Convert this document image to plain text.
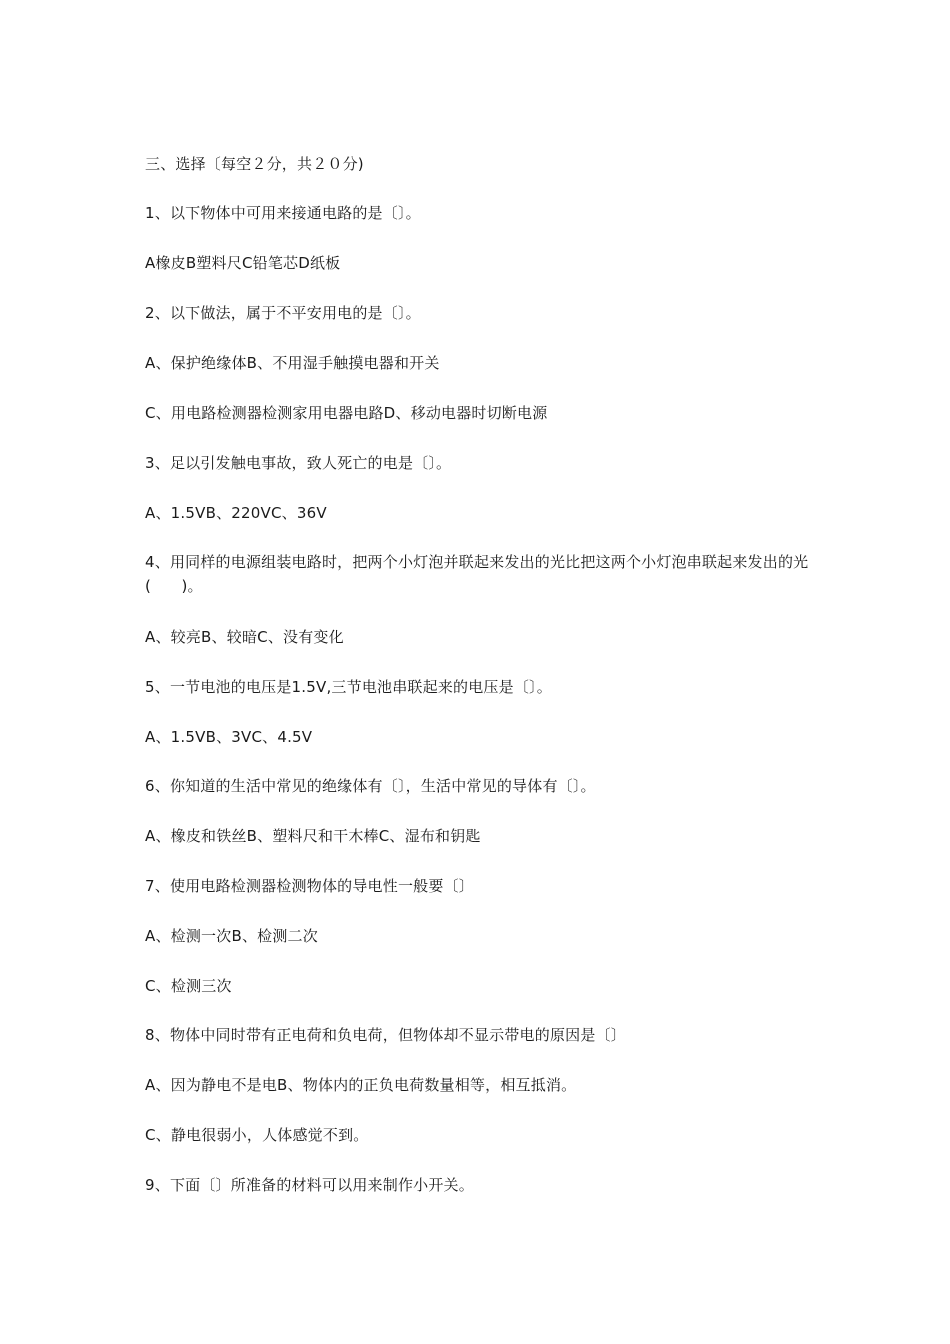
三、选择〔每空２分，共２０分)
1、以下物体中可用来接通电路的是〔〕。
A橡皮B塑料尺C铅笔芯D纸板
2、以下做法，属于不平安用电的是〔〕。
A、保护绝缘体B、不用湿手触摸电器和开关
C、用电路检测器检测家用电器电路D、移动电器时切断电源
3、足以引发触电事故，致人死亡的电是〔〕。
A、1.5VB、220VC、36V
4、用同样的电源组装电路时，把两个小灯泡并联起来发出的光比把这两个小灯泡串联起来发出的光(　　)。
A、较亮B、较暗C、没有变化
5、一节电池的电压是1.5V,三节电池串联起来的电压是〔〕。
A、1.5VB、3VC、4.5V
6、你知道的生活中常见的绝缘体有〔〕，生活中常见的导体有〔〕。
A、橡皮和铁丝B、塑料尺和干木棒C、湿布和钥匙
7、使用电路检测器检测物体的导电性一般要〔〕
A、检测一次B、检测二次
C、检测三次
8、物体中同时带有正电荷和负电荷，但物体却不显示带电的原因是〔〕
A、因为静电不是电B、物体内的正负电荷数量相等，相互抵消。
C、静电很弱小，人体感觉不到。
9、下面〔〕所准备的材料可以用来制作小开关。
